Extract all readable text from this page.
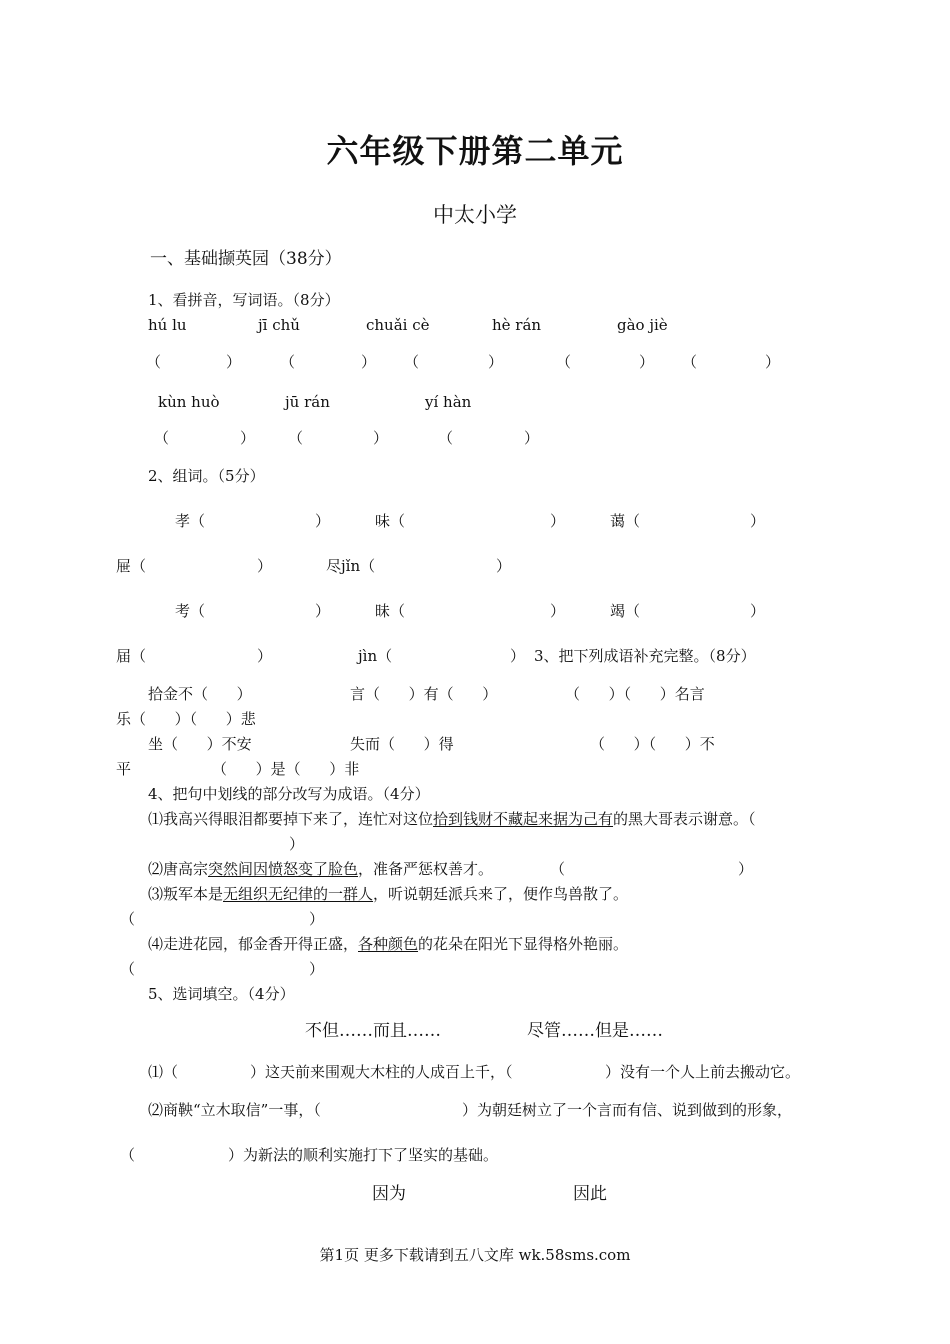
六年级下册第二单元
中太小学
一、基础撷英园（38分）
1、看拼音，写词语。（8分）
hú lu	jī chǔ	chuǎi cè	hè rán	gào jiè
（	）	（	） （	）	（	） （	）
kùn huò	jū rán	yí hàn
（	） （	）	（	）
2、组词。（5分）
孝（	）	味（	）	蔼（	）
屉（	）	尽jǐn（	）
考（	）	昧（	）	竭（	）
届（	）	jìn（	） 3、把下列成语补充完整。（8分）
拾金不（      ）	言（      ）有（      ）	（      ）（      ）名言
乐（      ）（      ）悲
坐（      ）不安	失而（      ）得	（      ）（      ）不
平	（      ）是（      ）非
4、把句中划线的部分改写为成语。（4分）
⑴我高兴得眼泪都要掉下来了，连忙对这位拾到钱财不藏起来据为己有的黑大哥表示谢意。（
）
⑵唐高宗突然间因愤怒变了脸色，准备严惩权善才。	（	）
⑶叛军本是无组织无纪律的一群人，听说朝廷派兵来了，便作鸟兽散了。
（	）
⑷走进花园，郁金香开得正盛，各种颜色的花朵在阳光下显得格外艳丽。
（	）
5、选词填空。（4分）
不但……而且……	尽管……但是……
⑴（	）这天前来围观大木柱的人成百上千，（	）没有一个人上前去搬动它。
⑵商鞅“立木取信”一事，（	）为朝廷树立了一个言而有信、说到做到的形象，
（	）为新法的顺利实施打下了坚实的基础。
因为	因此
第1页 更多下载请到五八文库 wk.58sms.com
